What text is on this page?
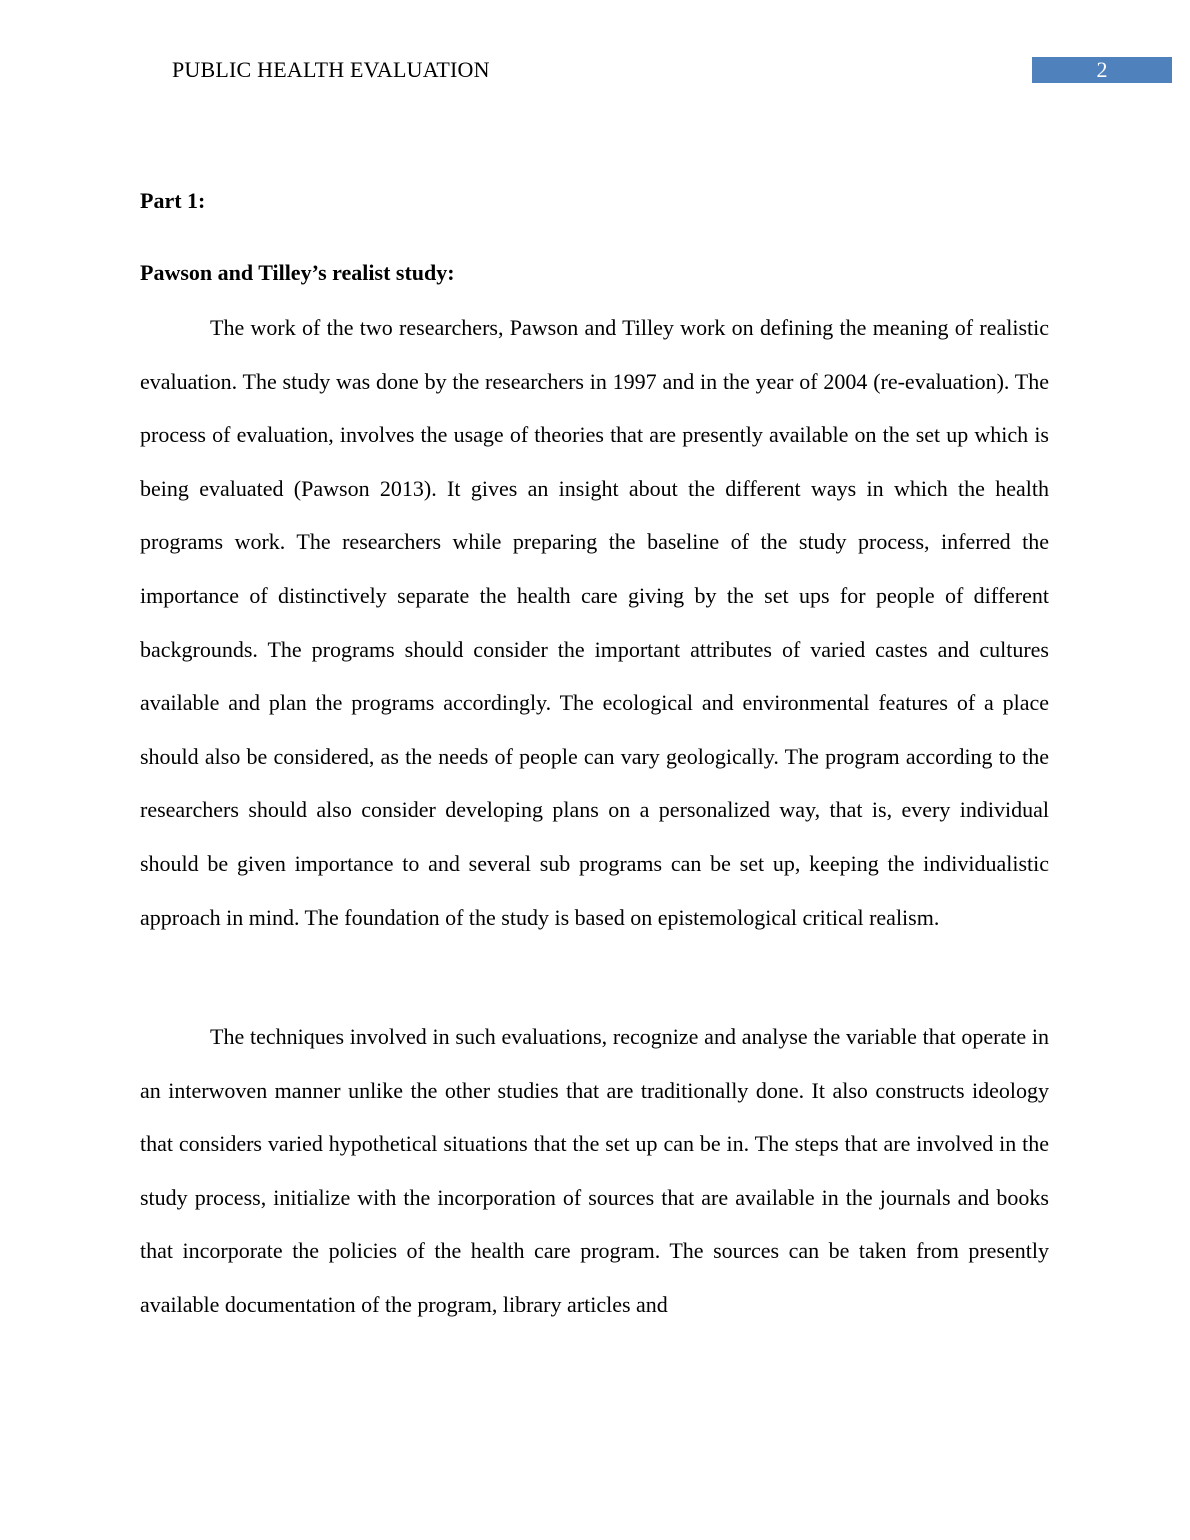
PUBLIC HEALTH EVALUATION	2
Part 1:
Pawson and Tilley’s realist study:

The work of the two researchers, Pawson and Tilley work on defining the meaning of realistic evaluation. The study was done by the researchers in 1997 and in the year of 2004 (re-evaluation). The process of evaluation, involves the usage of theories that are presently available on the set up which is being evaluated (Pawson 2013). It gives an insight about the different ways in which the health programs work. The researchers while preparing the baseline of the study process, inferred the importance of distinctively separate the health care giving by the set ups for people of different backgrounds. The programs should consider the important attributes of varied castes and cultures available and plan the programs accordingly. The ecological and environmental features of a place should also be considered, as the needs of people can vary geologically. The program according to the researchers should also consider developing plans on a personalized way, that is, every individual should be given importance to and several sub programs can be set up, keeping the individualistic approach in mind. The foundation of the study is based on epistemological critical realism.

The techniques involved in such evaluations, recognize and analyse the variable that operate in an interwoven manner unlike the other studies that are traditionally done. It also constructs ideology that considers varied hypothetical situations that the set up can be in. The steps that are involved in the study process, initialize with the incorporation of sources that are available in the journals and books that incorporate the policies of the health care program. The sources can be taken from presently available documentation of the program, library articles and
